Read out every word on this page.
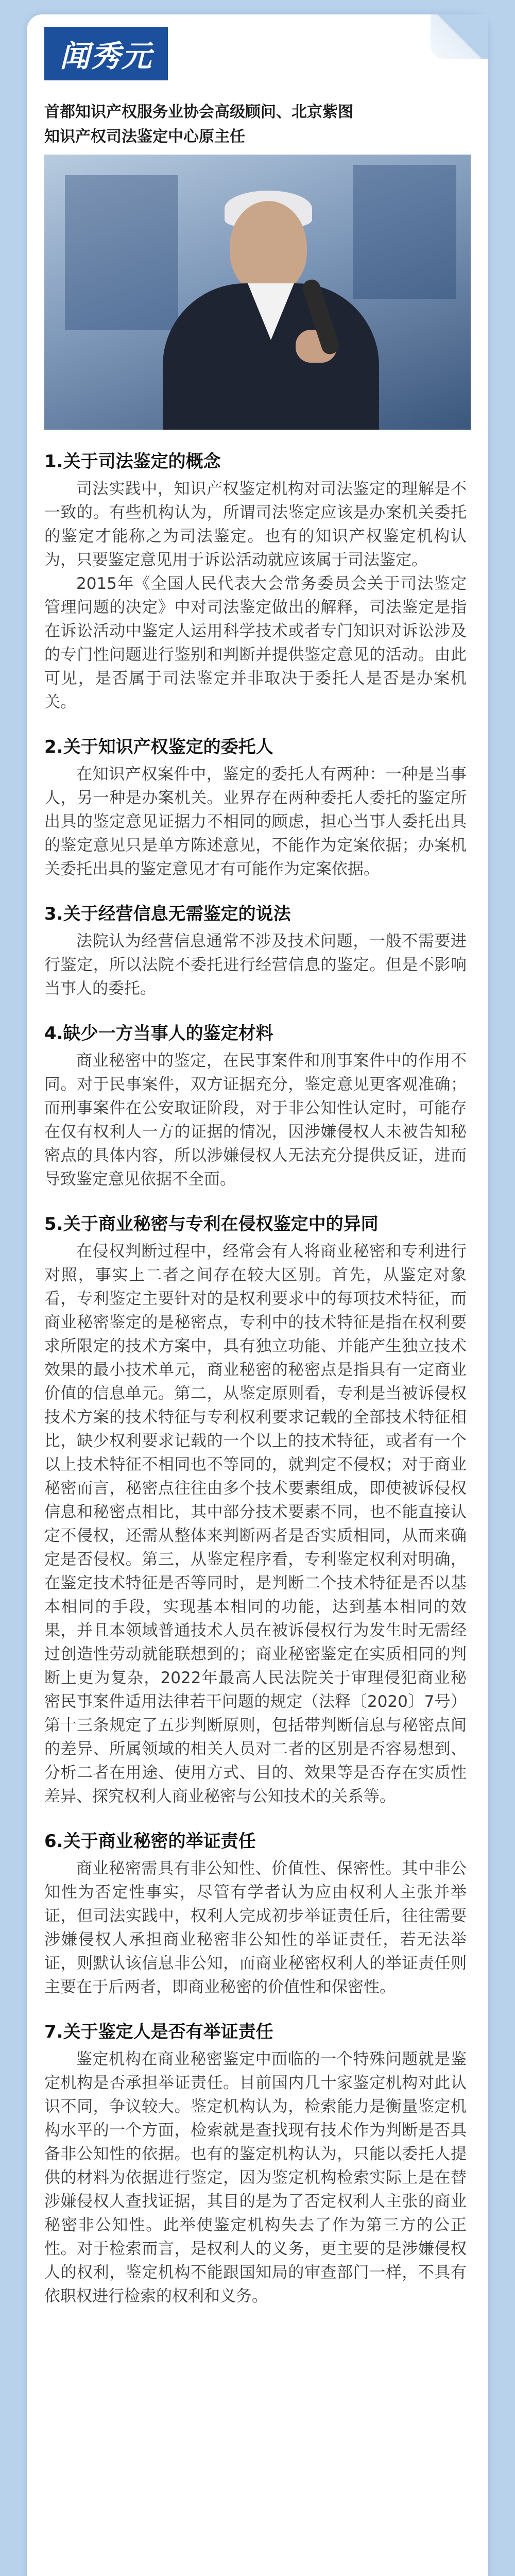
闻秀元
首都知识产权服务业协会高级顾问、北京紫图
知识产权司法鉴定中心原主任
1.关于司法鉴定的概念

司法实践中，知识产权鉴定机构对司法鉴定的理解是不一致的。有些机构认为，所谓司法鉴定应该是办案机关委托的鉴定才能称之为司法鉴定。也有的知识产权鉴定机构认为，只要鉴定意见用于诉讼活动就应该属于司法鉴定。

2015年《全国人民代表大会常务委员会关于司法鉴定管理问题的决定》中对司法鉴定做出的解释，司法鉴定是指在诉讼活动中鉴定人运用科学技术或者专门知识对诉讼涉及的专门性问题进行鉴别和判断并提供鉴定意见的活动。由此可见，是否属于司法鉴定并非取决于委托人是否是办案机关。

2.关于知识产权鉴定的委托人

在知识产权案件中，鉴定的委托人有两种：一种是当事人，另一种是办案机关。业界存在两种委托人委托的鉴定所出具的鉴定意见证据力不相同的顾虑，担心当事人委托出具的鉴定意见只是单方陈述意见，不能作为定案依据；办案机关委托出具的鉴定意见才有可能作为定案依据。

3.关于经营信息无需鉴定的说法

法院认为经营信息通常不涉及技术问题，一般不需要进行鉴定，所以法院不委托进行经营信息的鉴定。但是不影响当事人的委托。

4.缺少一方当事人的鉴定材料

商业秘密中的鉴定，在民事案件和刑事案件中的作用不同。对于民事案件，双方证据充分，鉴定意见更客观准确；而刑事案件在公安取证阶段，对于非公知性认定时，可能存在仅有权利人一方的证据的情况，因涉嫌侵权人未被告知秘密点的具体内容，所以涉嫌侵权人无法充分提供反证，进而导致鉴定意见依据不全面。

5.关于商业秘密与专利在侵权鉴定中的异同

在侵权判断过程中，经常会有人将商业秘密和专利进行对照，事实上二者之间存在较大区别。首先，从鉴定对象看，专利鉴定主要针对的是权利要求中的每项技术特征，而商业秘密鉴定的是秘密点，专利中的技术特征是指在权利要求所限定的技术方案中，具有独立功能、并能产生独立技术效果的最小技术单元，商业秘密的秘密点是指具有一定商业价值的信息单元。第二，从鉴定原则看，专利是当被诉侵权技术方案的技术特征与专利权利要求记载的全部技术特征相比，缺少权利要求记载的一个以上的技术特征，或者有一个以上技术特征不相同也不等同的，就判定不侵权；对于商业秘密而言，秘密点往往由多个技术要素组成，即使被诉侵权信息和秘密点相比，其中部分技术要素不同，也不能直接认定不侵权，还需从整体来判断两者是否实质相同，从而来确定是否侵权。第三，从鉴定程序看，专利鉴定权利对明确，在鉴定技术特征是否等同时，是判断二个技术特征是否以基本相同的手段，实现基本相同的功能，达到基本相同的效果，并且本领域普通技术人员在被诉侵权行为发生时无需经过创造性劳动就能联想到的；商业秘密鉴定在实质相同的判断上更为复杂，2022年最高人民法院关于审理侵犯商业秘密民事案件适用法律若干问题的规定（法释〔2020〕7号）第十三条规定了五步判断原则，包括带判断信息与秘密点间的差异、所属领域的相关人员对二者的区别是否容易想到、分析二者在用途、使用方式、目的、效果等是否存在实质性差异、探究权利人商业秘密与公知技术的关系等。

6.关于商业秘密的举证责任

商业秘密需具有非公知性、价值性、保密性。其中非公知性为否定性事实，尽管有学者认为应由权利人主张并举证，但司法实践中，权利人完成初步举证责任后，往往需要涉嫌侵权人承担商业秘密非公知性的举证责任，若无法举证，则默认该信息非公知，而商业秘密权利人的举证责任则主要在于后两者，即商业秘密的价值性和保密性。

7.关于鉴定人是否有举证责任

鉴定机构在商业秘密鉴定中面临的一个特殊问题就是鉴定机构是否承担举证责任。目前国内几十家鉴定机构对此认识不同，争议较大。鉴定机构认为，检索能力是衡量鉴定机构水平的一个方面，检索就是查找现有技术作为判断是否具备非公知性的依据。也有的鉴定机构认为，只能以委托人提供的材料为依据进行鉴定，因为鉴定机构检索实际上是在替涉嫌侵权人查找证据，其目的是为了否定权利人主张的商业秘密非公知性。此举使鉴定机构失去了作为第三方的公正性。对于检索而言，是权利人的义务，更主要的是涉嫌侵权人的权利，鉴定机构不能跟国知局的审查部门一样，不具有依职权进行检索的权利和义务。
